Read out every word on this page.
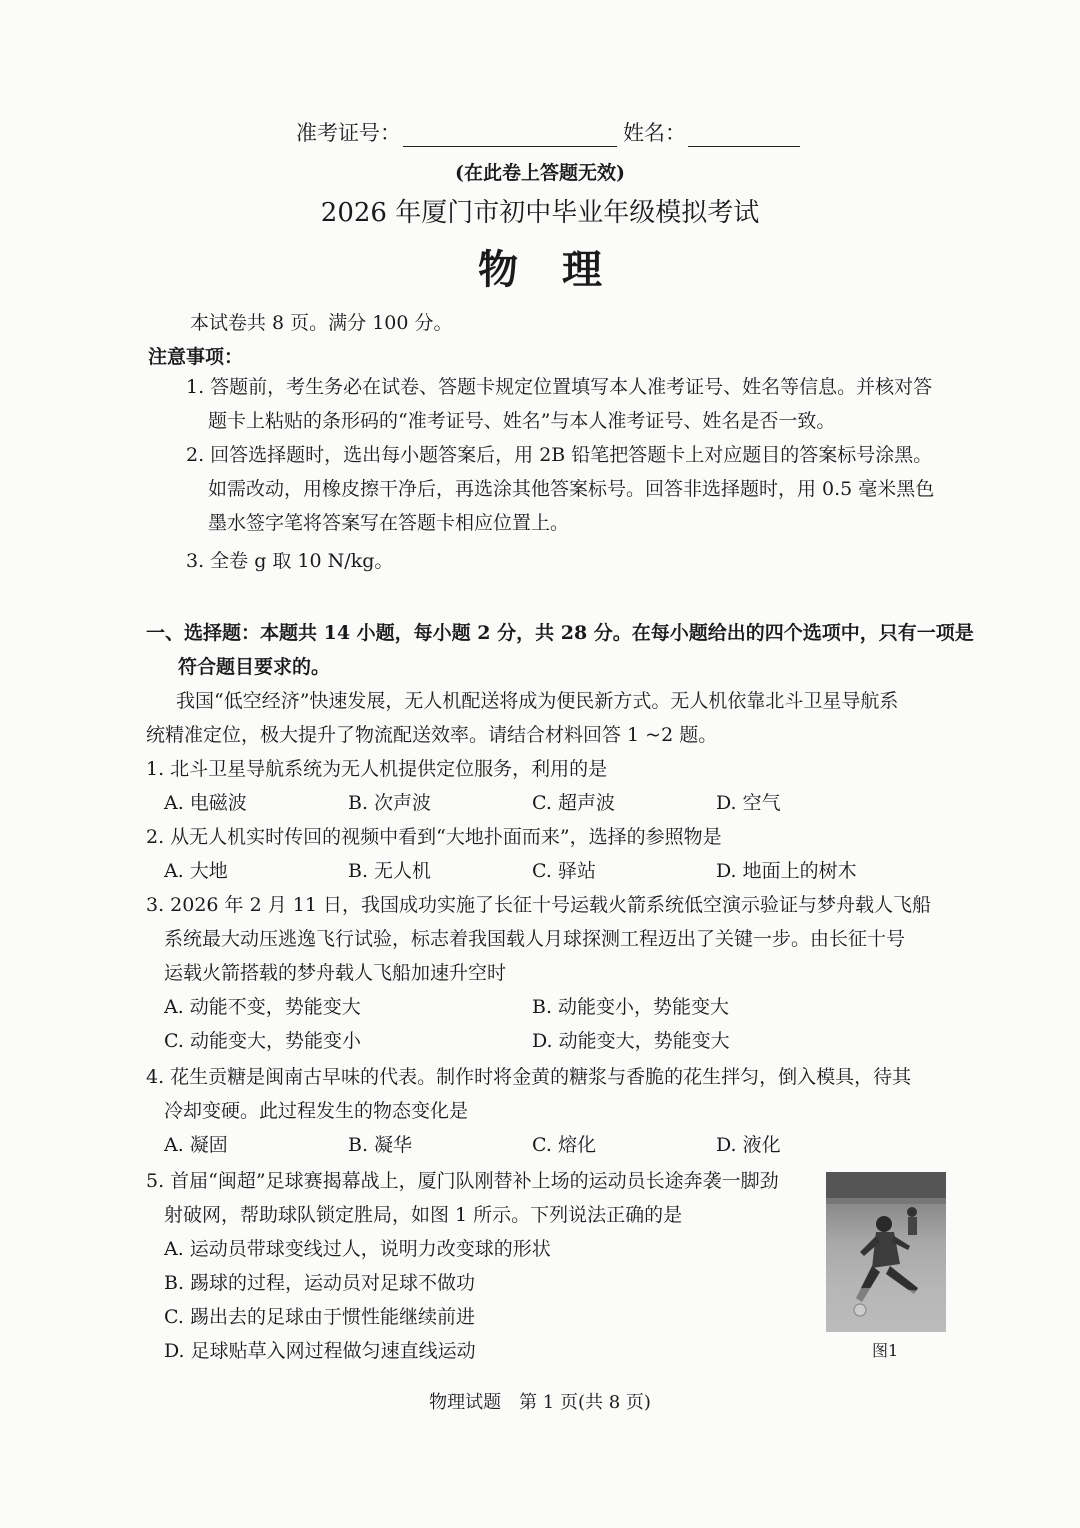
准考证号：	姓名：
(在此卷上答题无效)
2026 年厦门市初中毕业年级模拟考试
物理
本试卷共 8 页。满分 100 分。
注意事项：
1. 答题前，考生务必在试卷、答题卡规定位置填写本人准考证号、姓名等信息。并核对答
题卡上粘贴的条形码的“准考证号、姓名”与本人准考证号、姓名是否一致。
2. 回答选择题时，选出每小题答案后，用 2B 铅笔把答题卡上对应题目的答案标号涂黑。
如需改动，用橡皮擦干净后，再选涂其他答案标号。回答非选择题时，用 0.5 毫米黑色
墨水签字笔将答案写在答题卡相应位置上。
3. 全卷 g 取 10 N/kg。
一、选择题：本题共 14 小题，每小题 2 分，共 28 分。在每小题给出的四个选项中，只有一项是
符合题目要求的。
我国“低空经济”快速发展，无人机配送将成为便民新方式。无人机依靠北斗卫星导航系
统精准定位，极大提升了物流配送效率。请结合材料回答 1 ~2 题。
1. 北斗卫星导航系统为无人机提供定位服务，利用的是
A. 电磁波	B. 次声波	C. 超声波	D. 空气
2. 从无人机实时传回的视频中看到“大地扑面而来”，选择的参照物是
A. 大地	B. 无人机	C. 驿站	D. 地面上的树木
3. 2026 年 2 月 11 日，我国成功实施了长征十号运载火箭系统低空演示验证与梦舟载人飞船
系统最大动压逃逸飞行试验，标志着我国载人月球探测工程迈出了关键一步。由长征十号
运载火箭搭载的梦舟载人飞船加速升空时
A. 动能不变，势能变大	B. 动能变小，势能变大
C. 动能变大，势能变小	D. 动能变大，势能变大
4. 花生贡糖是闽南古早味的代表。制作时将金黄的糖浆与香脆的花生拌匀，倒入模具，待其
冷却变硬。此过程发生的物态变化是
A. 凝固	B. 凝华	C. 熔化	D. 液化
5. 首届“闽超”足球赛揭幕战上，厦门队刚替补上场的运动员长途奔袭一脚劲
射破网，帮助球队锁定胜局，如图 1 所示。下列说法正确的是
A. 运动员带球变线过人，说明力改变球的形状
B. 踢球的过程，运动员对足球不做功
C. 踢出去的足球由于惯性能继续前进
D. 足球贴草入网过程做匀速直线运动	图1
物理试题　第 1 页(共 8 页)
